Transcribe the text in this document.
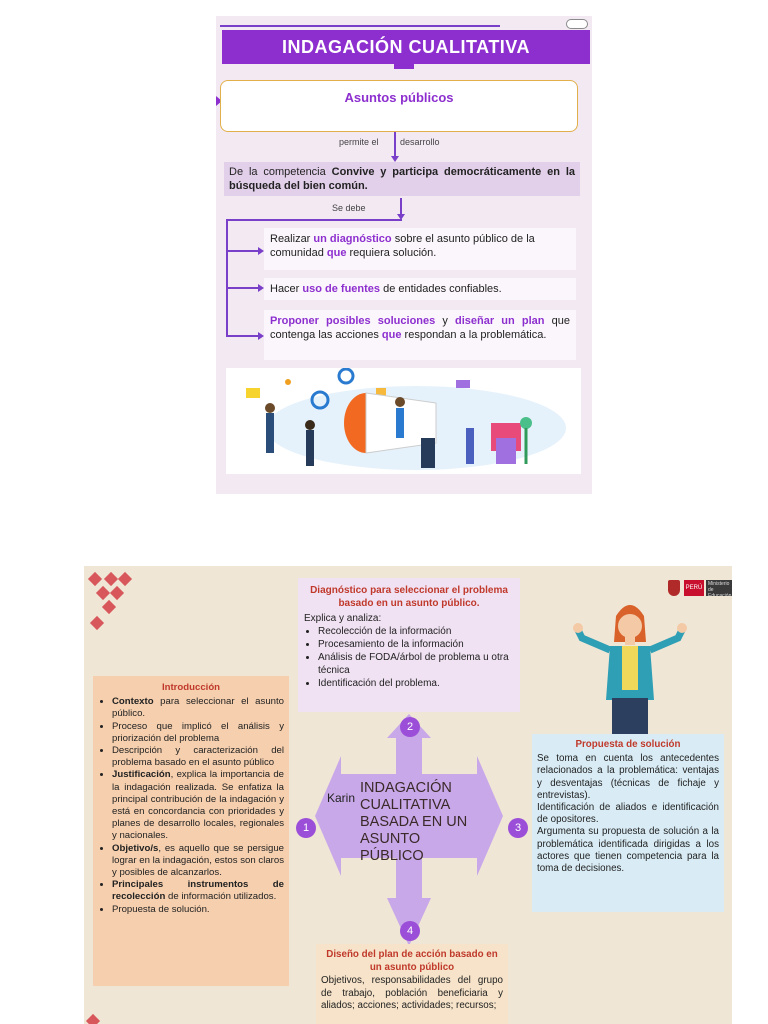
INDAGACIÓN CUALITATIVA
Asuntos públicos
permite el desarrollo
De la competencia Convive y participa democráticamente en la búsqueda del bien común.
Se debe
Realizar un diagnóstico sobre el asunto público de la comunidad que requiera solución.
Hacer uso de fuentes de entidades confiables.
Proponer posibles soluciones y diseñar un plan que contenga las acciones que respondan a la problemática.
PERÚ
Ministerio de Educación
Diagnóstico para seleccionar el problema basado en un asunto público.
Explica y analiza:
• Recolección de la información
• Procesamiento de la información
• Análisis de FODA/árbol de problema u otra técnica
• Identificación del problema.
Introducción
• Contexto para seleccionar el asunto público.
• Proceso que implicó el análisis y priorización del problema
• Descripción y caracterización del problema basado en el asunto público
• Justificación, explica la importancia de la indagación realizada. Se enfatiza la principal contribución de la indagación y está en concordancia con prioridades y planes de desarrollo locales, regionales y nacionales.
• Objetivo/s, es aquello que se persigue lograr en la indagación, estos son claros y posibles de alcanzarlos.
• Principales instrumentos de recolección de información utilizados.
• Propuesta de solución.
2
1	3
4
Karin
INDAGACIÓN CUALITATIVA BASADA EN UN ASUNTO PÚBLICO
Propuesta de solución

Se toma en cuenta los antecedentes relacionados a la problemática: ventajas y desventajas (técnicas de fichaje y entrevistas).

Identificación de aliados e identificación de opositores.

Argumenta su propuesta de solución a la problemática identificada dirigidas a los actores que tienen competencia para la toma de decisiones.

Diseño del plan de acción basado en un asunto público
Objetivos, responsabilidades del grupo de trabajo, población beneficiaria y aliados; acciones; actividades; recursos;
